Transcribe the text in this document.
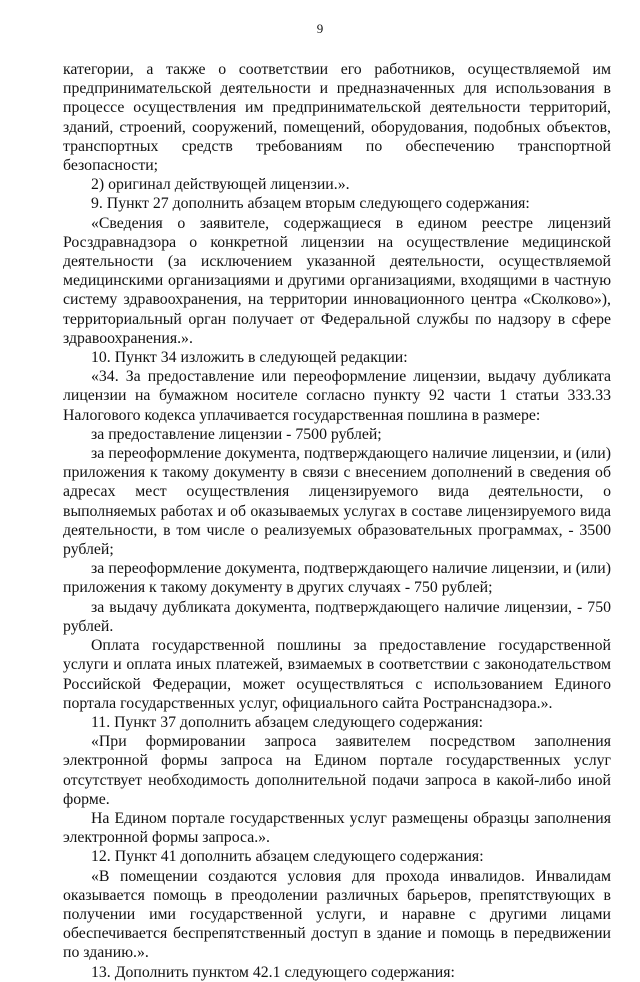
9

категории, а также о соответствии его работников, осуществляемой им предпринимательской деятельности и предназначенных для использования в процессе осуществления им предпринимательской деятельности территорий, зданий, строений, сооружений, помещений, оборудования, подобных объектов, транспортных средств требованиям по обеспечению транспортной безопасности;

2) оригинал действующей лицензии.».

9. Пункт 27 дополнить абзацем вторым следующего содержания:

«Сведения о заявителе, содержащиеся в едином реестре лицензий Росздравнадзора о конкретной лицензии на осуществление медицинской деятельности (за исключением указанной деятельности, осуществляемой медицинскими организациями и другими организациями, входящими в частную систему здравоохранения, на территории инновационного центра «Сколково»), территориальный орган получает от Федеральной службы по надзору в сфере здравоохранения.».

10. Пункт 34 изложить в следующей редакции:

«34. За предоставление или переоформление лицензии, выдачу дубликата лицензии на бумажном носителе согласно пункту 92 части 1 статьи 333.33 Налогового кодекса уплачивается государственная пошлина в размере:

за предоставление лицензии - 7500 рублей;

за переоформление документа, подтверждающего наличие лицензии, и (или) приложения к такому документу в связи с внесением дополнений в сведения об адресах мест осуществления лицензируемого вида деятельности, о выполняемых работах и об оказываемых услугах в составе лицензируемого вида деятельности, в том числе о реализуемых образовательных программах, - 3500 рублей;

за переоформление документа, подтверждающего наличие лицензии, и (или) приложения к такому документу в других случаях - 750 рублей;

за выдачу дубликата документа, подтверждающего наличие лицензии, - 750 рублей.

Оплата государственной пошлины за предоставление государственной услуги и оплата иных платежей, взимаемых в соответствии с законодательством Российской Федерации, может осуществляться с использованием Единого портала государственных услуг, официального сайта Ространснадзора.».

11. Пункт 37 дополнить абзацем следующего содержания:

«При формировании запроса заявителем посредством заполнения электронной формы запроса на Едином портале государственных услуг отсутствует необходимость дополнительной подачи запроса в какой-либо иной форме.

На Едином портале государственных услуг размещены образцы заполнения электронной формы запроса.».

12. Пункт 41 дополнить абзацем следующего содержания:

«В помещении создаются условия для прохода инвалидов. Инвалидам оказывается помощь в преодолении различных барьеров, препятствующих в получении ими государственной услуги, и наравне с другими лицами обеспечивается беспрепятственный доступ в здание и помощь в передвижении по зданию.».

13. Дополнить пунктом 42.1 следующего содержания:
